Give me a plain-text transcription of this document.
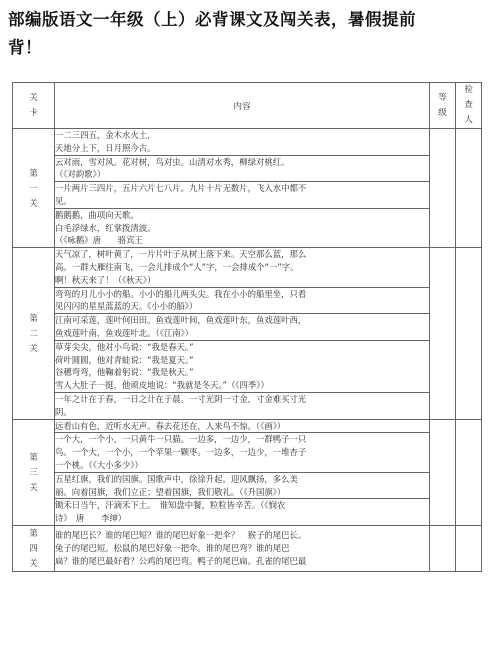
部编版语文一年级（上）必背课文及闯关表，暑假提前
背！
关
卡	内容	等
级	检
查
人

第
一
关	一二三四五，金木水火土，
天地分上下，日月照今古。		

	云对雨，雪对风。花对树，鸟对虫。山清对水秀，柳绿对桃红。
（《对韵歌》）		

	一片两片三四片，五片六片七八片。九片十片无数片，飞入水中都不
见。		

	鹅鹅鹅，曲项向天歌。
白毛浮绿水，红掌拨清波。
（《咏鹅》唐　　骆宾王		

第
二
关	天气凉了，树叶黄了，一片片叶子从树上落下来。天空那么蓝，那么
高。一群大雁往南飞，一会儿排成个“人”字，一会排成个“一”字。
啊！秋天来了！（《秋天》）		

	弯弯的月儿小小的船。小小的船儿两头尖。我在小小的船里坐，只看
见闪闪的星星蓝蓝的天。《小小的船》）		

	江南可采莲，莲叶何田田。鱼戏莲叶间，鱼戏莲叶东，鱼戏莲叶西，
鱼戏莲叶南，鱼戏莲叶北。（《江南》）		

	草芽尖尖，他对小鸟说：“我是春天。”
荷叶圆圆，他对青蛙说：“我是夏天。”
谷穗弯弯，他鞠着躬说：“我是秋天。”
雪人大肚子一挺，他顽皮地说：“我就是冬天。”（《四季》）		

	一年之计在于春，一日之计在于晨。一寸光阴一寸金，寸金难买寸光
阴。		

第
三
关	远看山有色，近听水无声。春去花还在，人来鸟不惊。（《画》）		

	一个大，一个小，一只黄牛一只猫。一边多，一边少，一群鸭子一只
鸟。一个大，一个小，一个苹果一颗枣。一边多，一边少，一堆杏子
一个桃。（《大小多少》）		

	五星红旗，我们的国旗。国歌声中，徐徐升起。迎风飘扬，多么美
丽。向着国旗，我们立正；望着国旗，我们敬礼。（《升国旗》）		

	锄禾日当午，汗滴禾下土。　谁知盘中餐，粒粒皆辛苦。（《悯农
诗》　唐　　李绅）		

第
四
关	谁的尾巴长？谁的尾巴短？谁的尾巴好象一把伞？　猴子的尾巴长。
兔子的尾巴短。松鼠的尾巴好象一把伞。谁的尾巴弯？谁的尾巴
扁？谁的尾巴最好看？公鸡的尾巴弯。鸭子的尾巴扁。孔雀的尾巴最		
